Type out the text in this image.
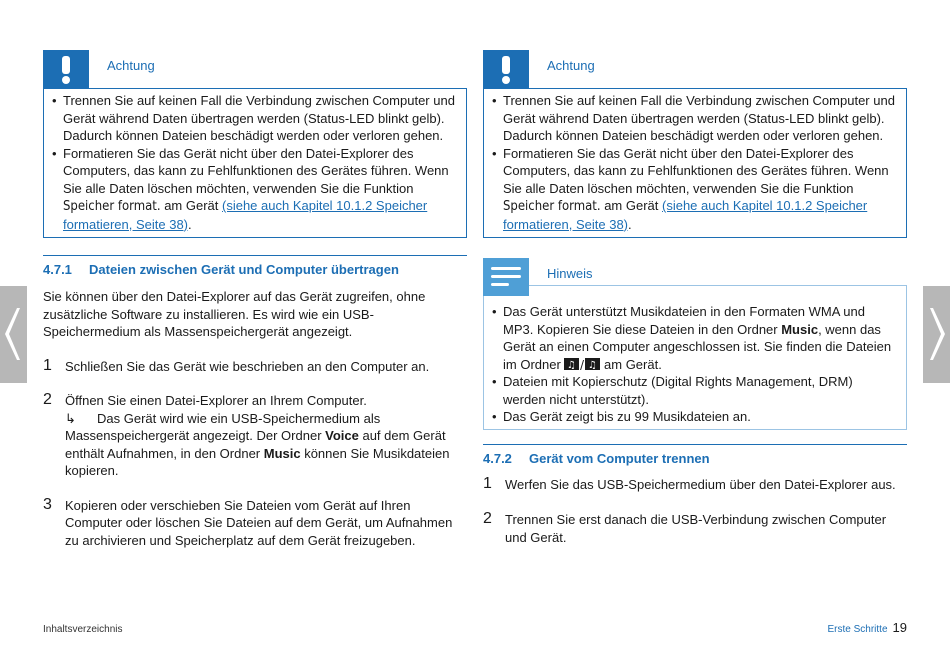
Achtung
• Trennen Sie auf keinen Fall die Verbindung zwischen Computer und Gerät während Daten übertragen werden (Status-LED blinkt gelb). Dadurch können Dateien beschädigt werden oder verloren gehen.
• Formatieren Sie das Gerät nicht über den Datei-Explorer des Computers, das kann zu Fehlfunktionen des Gerätes führen. Wenn Sie alle Daten löschen möchten, verwenden Sie die Funktion Speicher format. am Gerät (siehe auch Kapitel 10.1.2 Speicher formatieren, Seite 38).
4.7.1 Dateien zwischen Gerät und Computer übertragen
Sie können über den Datei-Explorer auf das Gerät zugreifen, ohne zusätzliche Software zu installieren. Es wird wie ein USB-Speichermedium als Massenspeichergerät angezeigt.
1 Schließen Sie das Gerät wie beschrieben an den Computer an.
2 Öffnen Sie einen Datei-Explorer an Ihrem Computer.
↳ Das Gerät wird wie ein USB-Speichermedium als Massenspeichergerät angezeigt. Der Ordner Voice auf dem Gerät enthält Aufnahmen, in den Ordner Music können Sie Musikdateien kopieren.
3 Kopieren oder verschieben Sie Dateien vom Gerät auf Ihren Computer oder löschen Sie Dateien auf dem Gerät, um Aufnahmen zu archivieren und Speicherplatz auf dem Gerät freizugeben.
Achtung
• Trennen Sie auf keinen Fall die Verbindung zwischen Computer und Gerät während Daten übertragen werden (Status-LED blinkt gelb). Dadurch können Dateien beschädigt werden oder verloren gehen.
• Formatieren Sie das Gerät nicht über den Datei-Explorer des Computers, das kann zu Fehlfunktionen des Gerätes führen. Wenn Sie alle Daten löschen möchten, verwenden Sie die Funktion Speicher format. am Gerät (siehe auch Kapitel 10.1.2 Speicher formatieren, Seite 38).
Hinweis
• Das Gerät unterstützt Musikdateien in den Formaten WMA und MP3. Kopieren Sie diese Dateien in den Ordner Music, wenn das Gerät an einen Computer angeschlossen ist. Sie finden die Dateien im Ordner ♫ / ♫ am Gerät.
• Dateien mit Kopierschutz (Digital Rights Management, DRM) werden nicht unterstützt).
• Das Gerät zeigt bis zu 99 Musikdateien an.
4.7.2 Gerät vom Computer trennen
1 Werfen Sie das USB-Speichermedium über den Datei-Explorer aus.
2 Trennen Sie erst danach die USB-Verbindung zwischen Computer und Gerät.
Inhaltsverzeichnis	Erste Schritte 19
